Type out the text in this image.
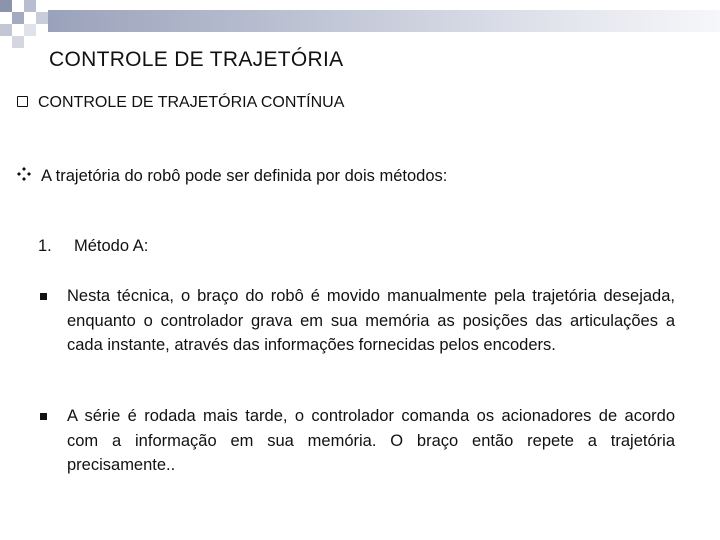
CONTROLE DE TRAJETÓRIA
CONTROLE DE TRAJETÓRIA CONTÍNUA
A trajetória do robô pode ser definida por dois métodos:
1. Método A:
Nesta técnica, o braço do robô é movido manualmente pela trajetória desejada, enquanto o controlador grava em sua memória as posições das articulações a cada instante, através das informações fornecidas pelos encoders.
A série é rodada mais tarde, o controlador comanda os acionadores de acordo com a informação em sua memória. O braço então repete a trajetória precisamente..
